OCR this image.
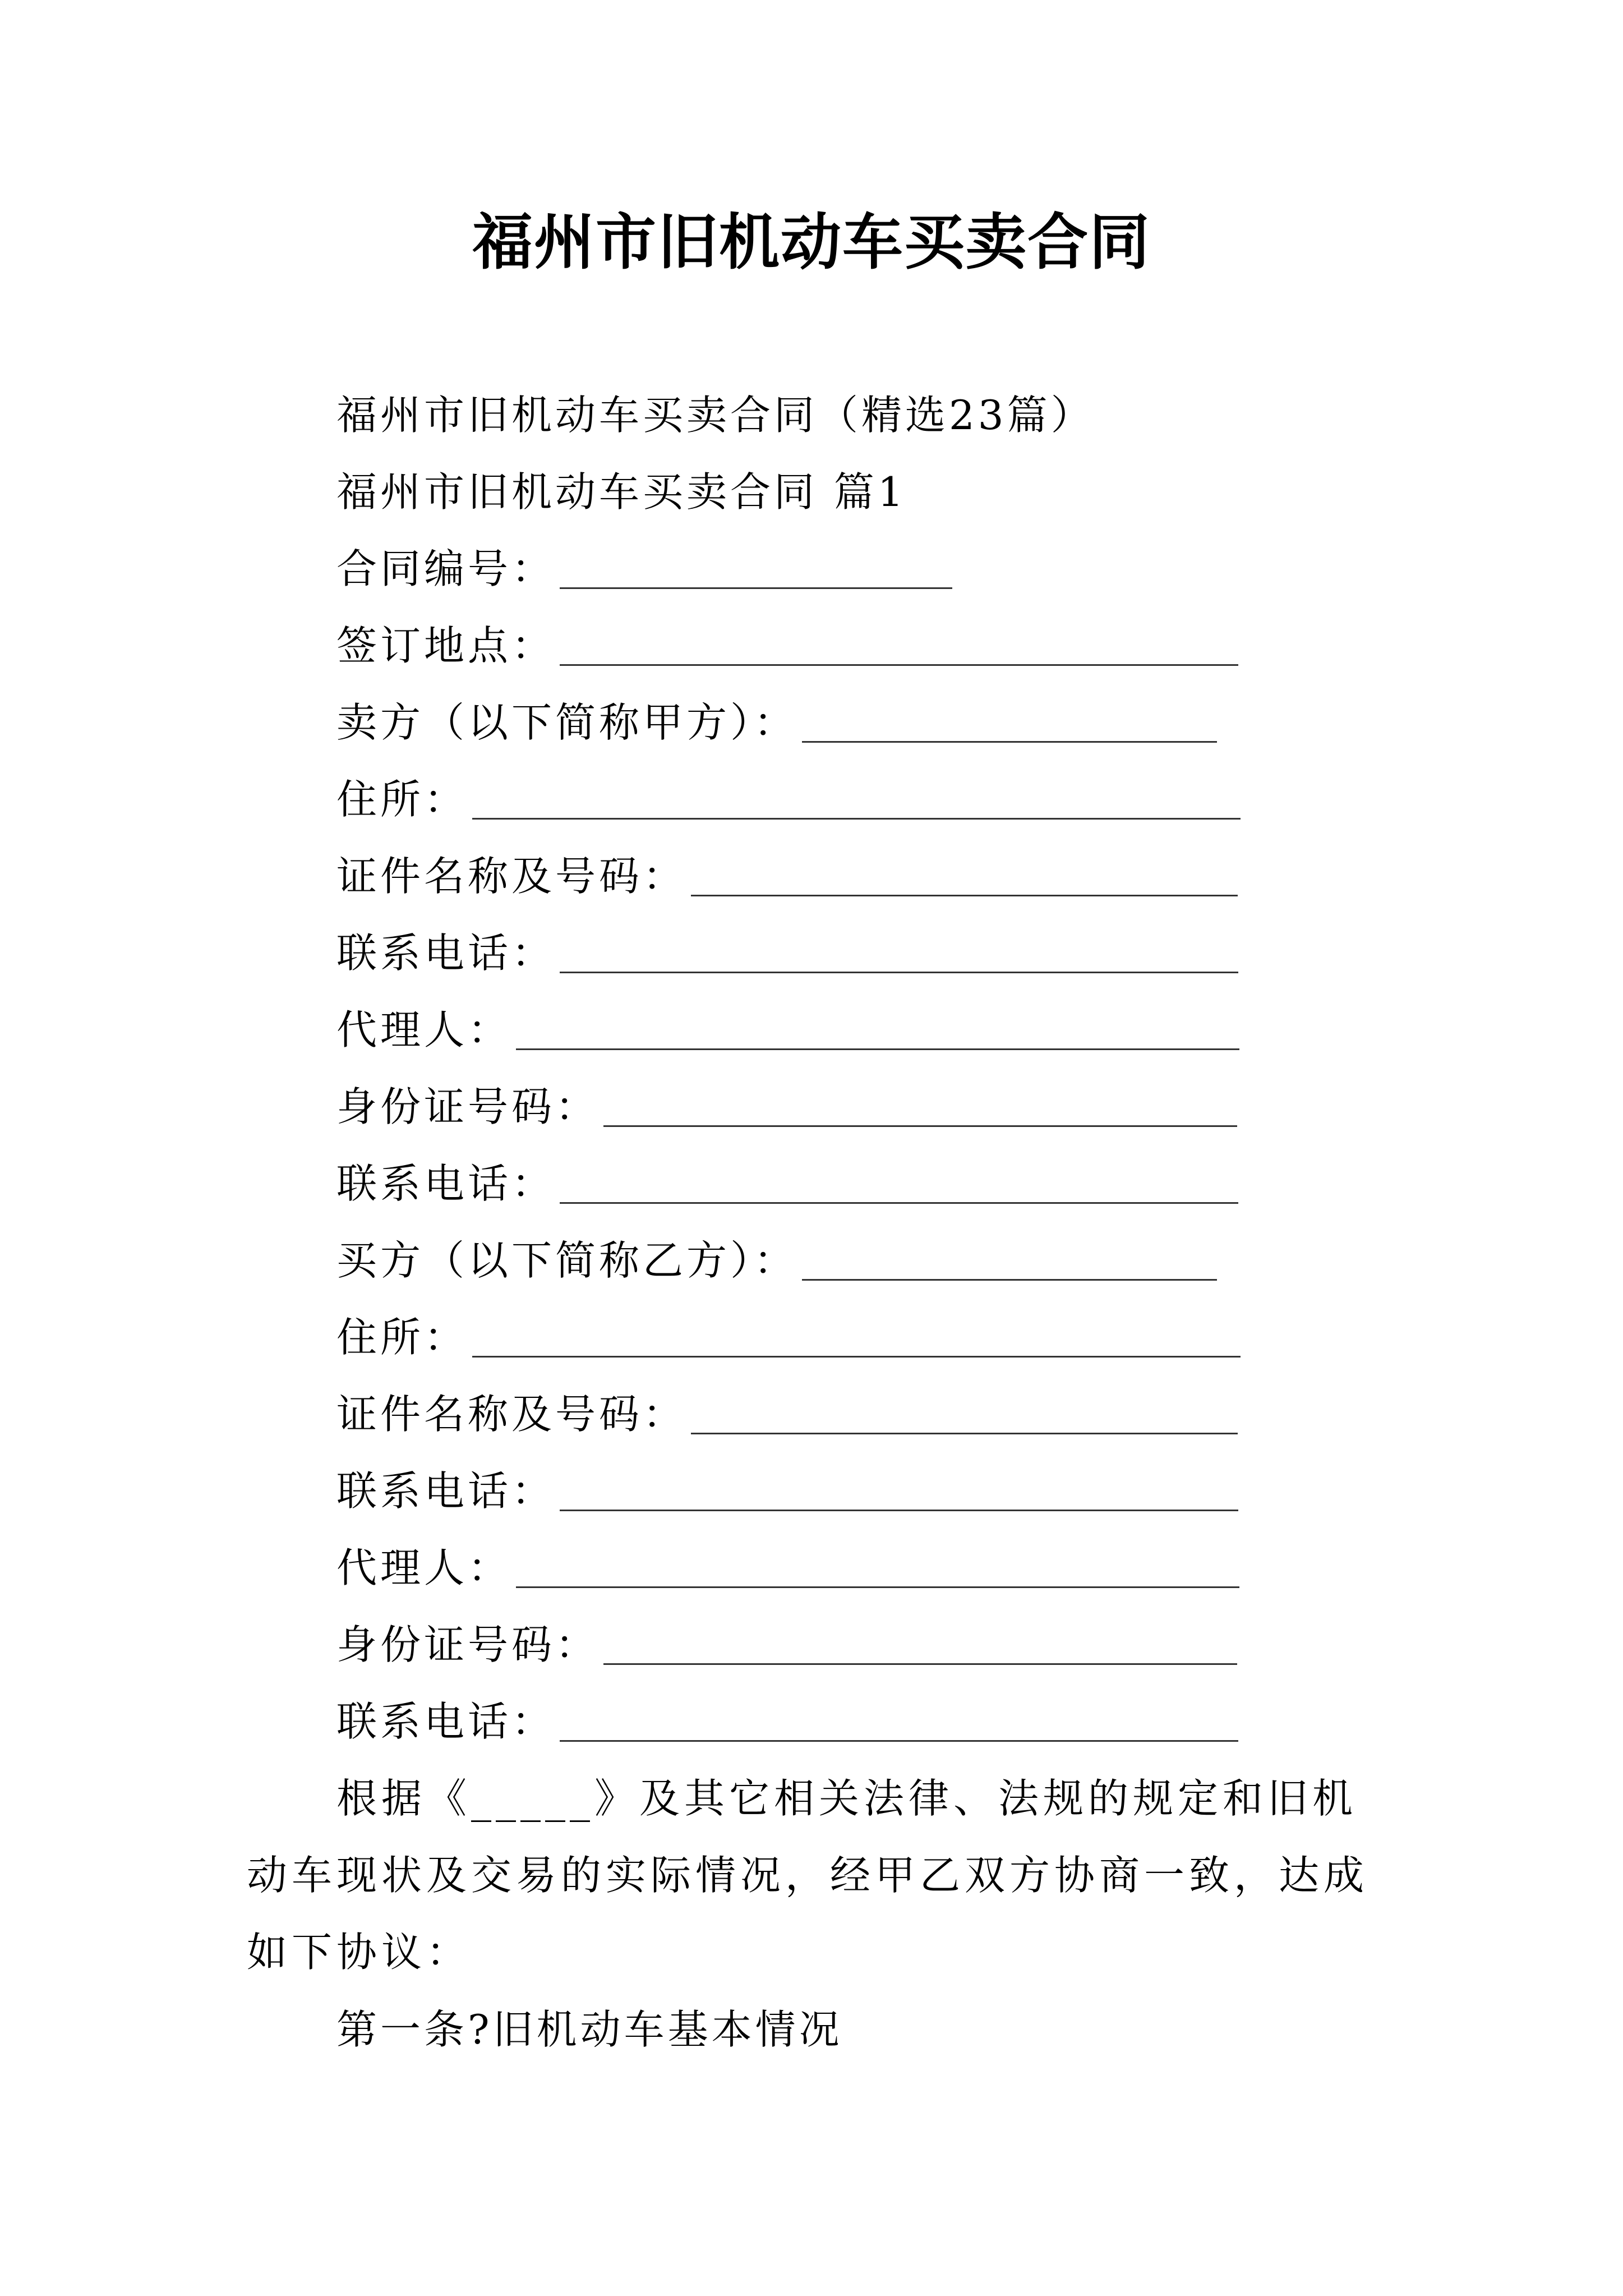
福州市旧机动车买卖合同
福州市旧机动车买卖合同（精选23篇）
福州市旧机动车买卖合同 篇1
合同编号：
签订地点：
卖方（以下简称甲方）：
住所：
证件名称及号码：
联系电话：
代理人：
身份证号码：
联系电话：
买方（以下简称乙方）：
住所：
证件名称及号码：
联系电话：
代理人：
身份证号码：
联系电话：
根据《_____》及其它相关法律、法规的规定和旧机动车现状及交易的实际情况，经甲乙双方协商一致，达成如下协议：
第一条?旧机动车基本情况
